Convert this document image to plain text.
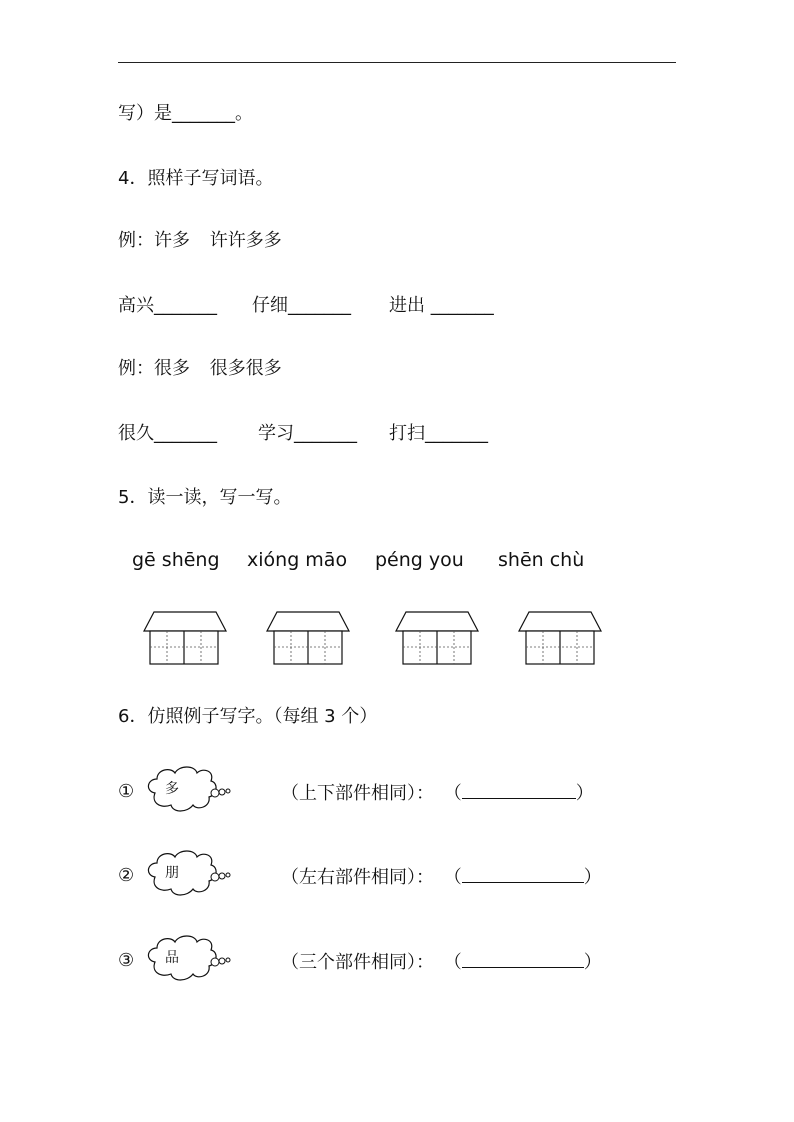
写）是_______。
4．照样子写词语。
例：许多 许许多多
高兴_______ 仔细_______ 进出 _______
例：很多 很多很多
很久_______ 学习_______ 打扫_______
5．读一读，写一写。
gē shēng xióng māo péng you shēn chù
6．仿照例子写字。（每组 3 个）
① 多	（上下部件相同）： （	）
② 朋	（左右部件相同）： （	）
③ 品	（三个部件相同）： （	）
